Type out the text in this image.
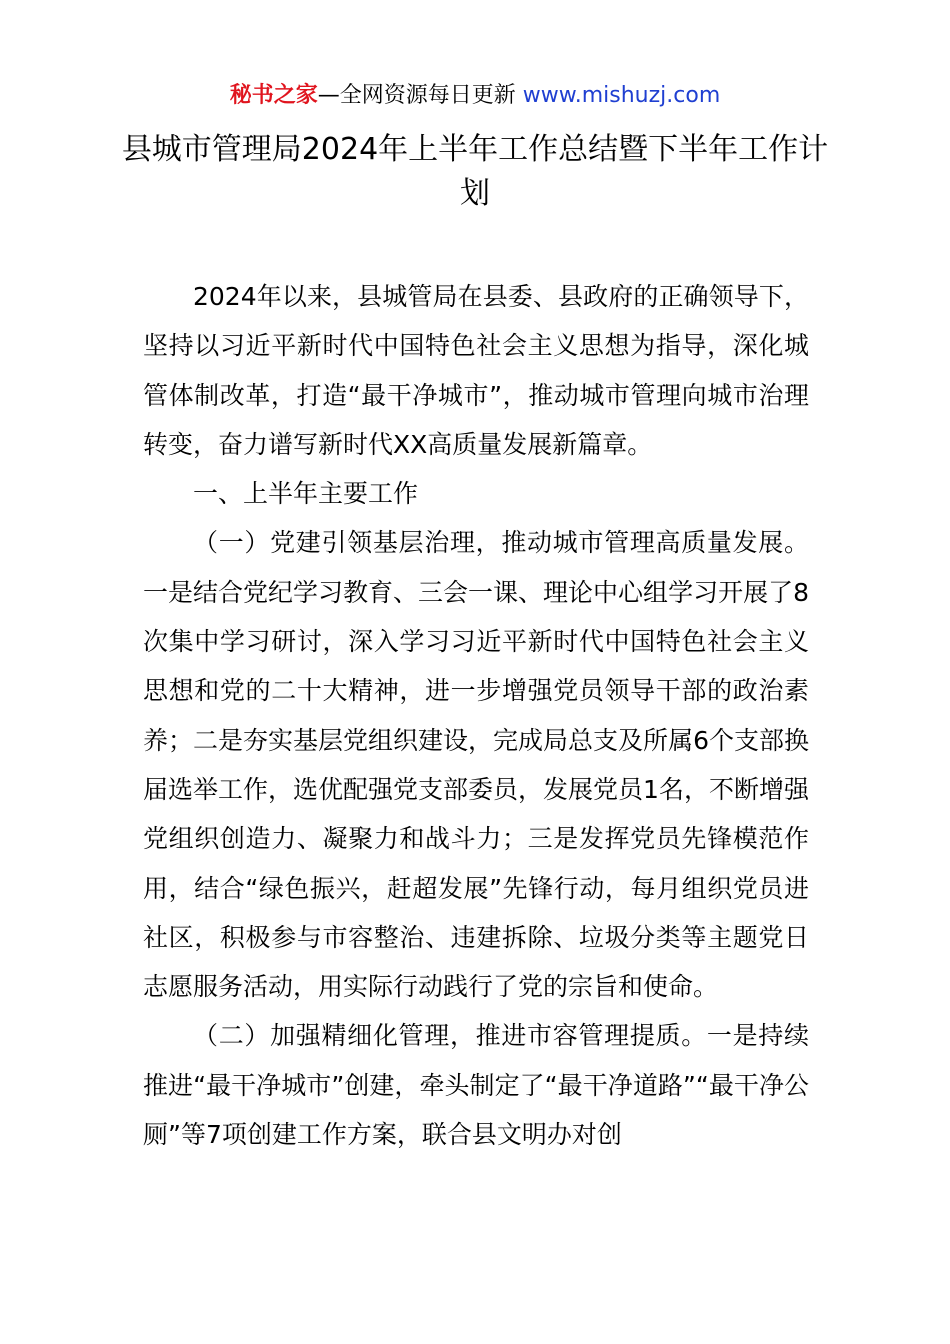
秘书之家—全网资源每日更新 www.mishuzj.com
县城市管理局2024年上半年工作总结暨下半年工作计划

2024年以来，县城管局在县委、县政府的正确领导下，坚持以习近平新时代中国特色社会主义思想为指导，深化城管体制改革，打造“最干净城市”，推动城市管理向城市治理转变，奋力谱写新时代XX高质量发展新篇章。

一、上半年主要工作

（一）党建引领基层治理，推动城市管理高质量发展。一是结合党纪学习教育、三会一课、理论中心组学习开展了8次集中学习研讨，深入学习习近平新时代中国特色社会主义思想和党的二十大精神，进一步增强党员领导干部的政治素养；二是夯实基层党组织建设，完成局总支及所属6个支部换届选举工作，选优配强党支部委员，发展党员1名，不断增强党组织创造力、凝聚力和战斗力；三是发挥党员先锋模范作用，结合“绿色振兴，赶超发展”先锋行动，每月组织党员进社区，积极参与市容整治、违建拆除、垃圾分类等主题党日志愿服务活动，用实际行动践行了党的宗旨和使命。

（二）加强精细化管理，推进市容管理提质。一是持续推进“最干净城市”创建，牵头制定了“最干净道路”“最干净公厕”等7项创建工作方案，联合县文明办对创
